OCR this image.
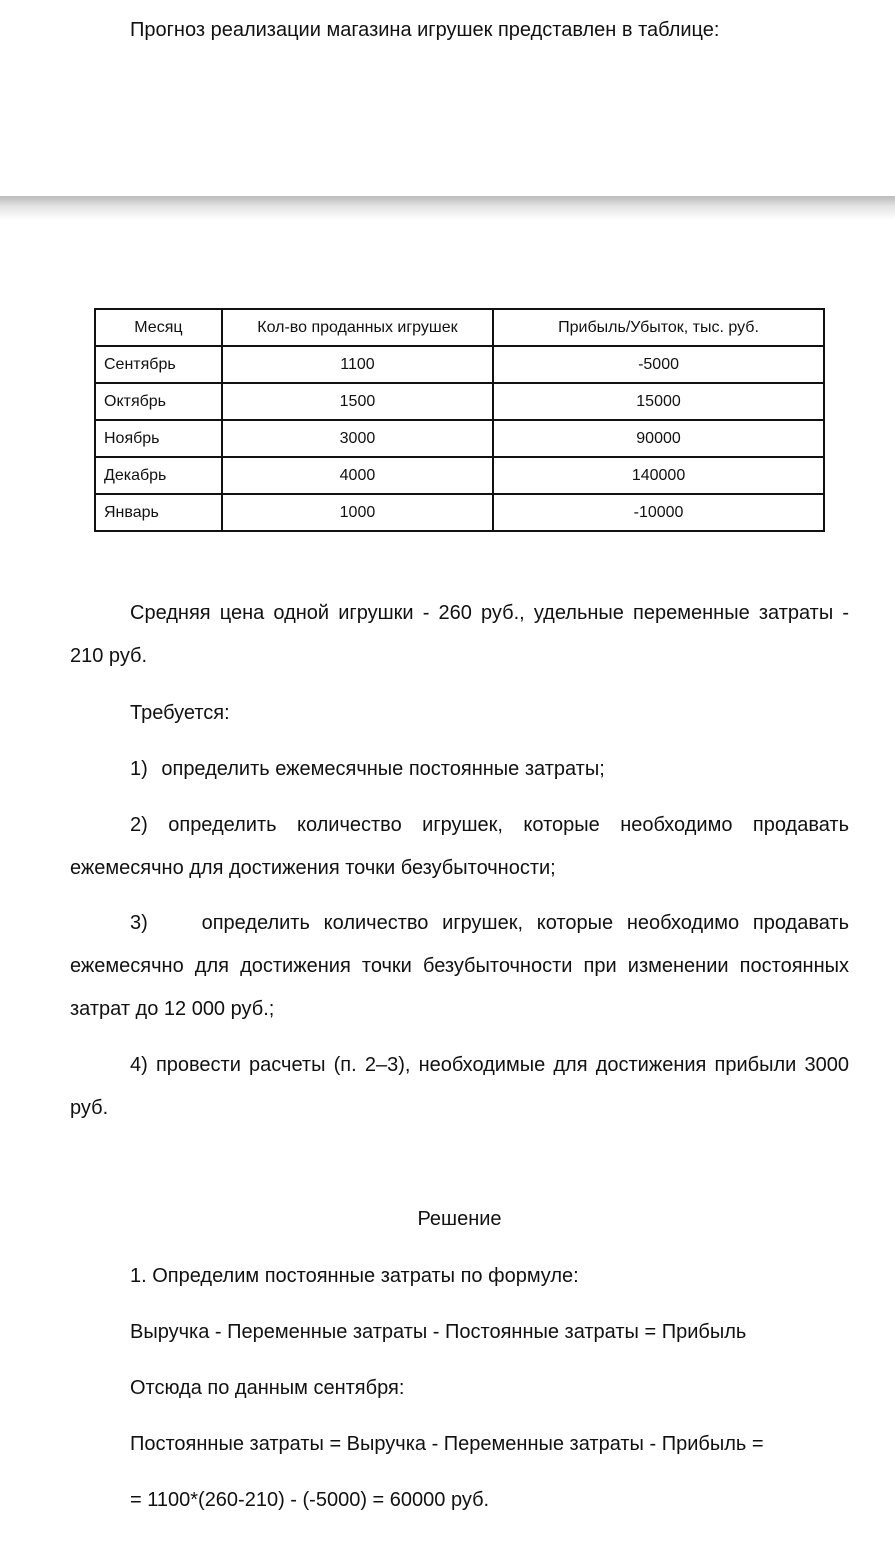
Прогноз реализации магазина игрушек представлен в таблице:

Месяц	Кол-во проданных игрушек	Прибыль/Убыток, тыс. руб.
Сентябрь	1100	-5000
Октябрь	1500	15000
Ноябрь	3000	90000
Декабрь	4000	140000
Январь	1000	-10000

Средняя цена одной игрушки - 260 руб., удельные переменные затраты - 210 руб.

Требуется:

1) определить ежемесячные постоянные затраты;

2) определить количество игрушек, которые необходимо продавать ежемесячно для достижения точки безубыточности;

3)	определить количество игрушек, которые необходимо продавать ежемесячно для достижения точки безубыточности при изменении постоянных затрат до 12 000 руб.;

4) провести расчеты (п. 2–3), необходимые для достижения прибыли 3000 руб.

Решение

1. Определим постоянные затраты по формуле:

Выручка - Переменные затраты - Постоянные затраты = Прибыль

Отсюда по данным сентября:

Постоянные затраты = Выручка - Переменные затраты - Прибыль =

= 1100*(260-210) - (-5000) = 60000 руб.
